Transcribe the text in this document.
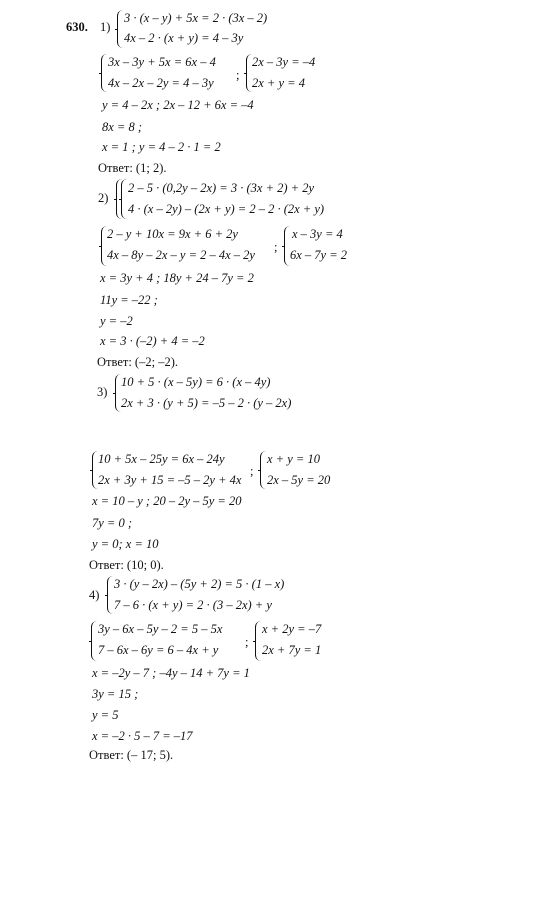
630. 1)
3 · (x – y) + 5x = 2 · (3x – 2)
4x – 2 · (x + y) = 4 – 3y
3x – 3y + 5x = 6x – 4
4x – 2x – 2y = 4 – 3y
;
2x – 3y = –4
2x + y = 4
y = 4 – 2x ; 2x – 12 + 6x = –4
8x = 8 ;
x = 1 ; y = 4 – 2 · 1 = 2
Ответ: (1; 2).
2)
2 – 5 · (0,2y – 2x) = 3 · (3x + 2) + 2y
4 · (x – 2y) – (2x + y) = 2 – 2 · (2x + y)
2 – y + 10x = 9x + 6 + 2y
4x – 8y – 2x – y = 2 – 4x – 2y
;
x – 3y = 4
6x – 7y = 2
x = 3y + 4 ; 18y + 24 – 7y = 2
11y = –22 ;
y = –2
x = 3 · (–2) + 4 = –2
Ответ: (–2; –2).
3)
10 + 5 · (x – 5y) = 6 · (x – 4y)
2x + 3 · (y + 5) = –5 – 2 · (y – 2x)
10 + 5x – 25y = 6x – 24y
2x + 3y + 15 = –5 – 2y + 4x
;
x + y = 10
2x – 5y = 20
x = 10 – y ; 20 – 2y – 5y = 20
7y = 0 ;
y = 0; x = 10
Ответ: (10; 0).
4)
3 · (y – 2x) – (5y + 2) = 5 · (1 – x)
7 – 6 · (x + y) = 2 · (3 – 2x) + y
3y – 6x – 5y – 2 = 5 – 5x
7 – 6x – 6y = 6 – 4x + y
;
x + 2y = –7
2x + 7y = 1
x = –2y – 7 ; –4y – 14 + 7y = 1
3y = 15 ;
y = 5
x = –2 · 5 – 7 = –17
Ответ: (– 17; 5).
